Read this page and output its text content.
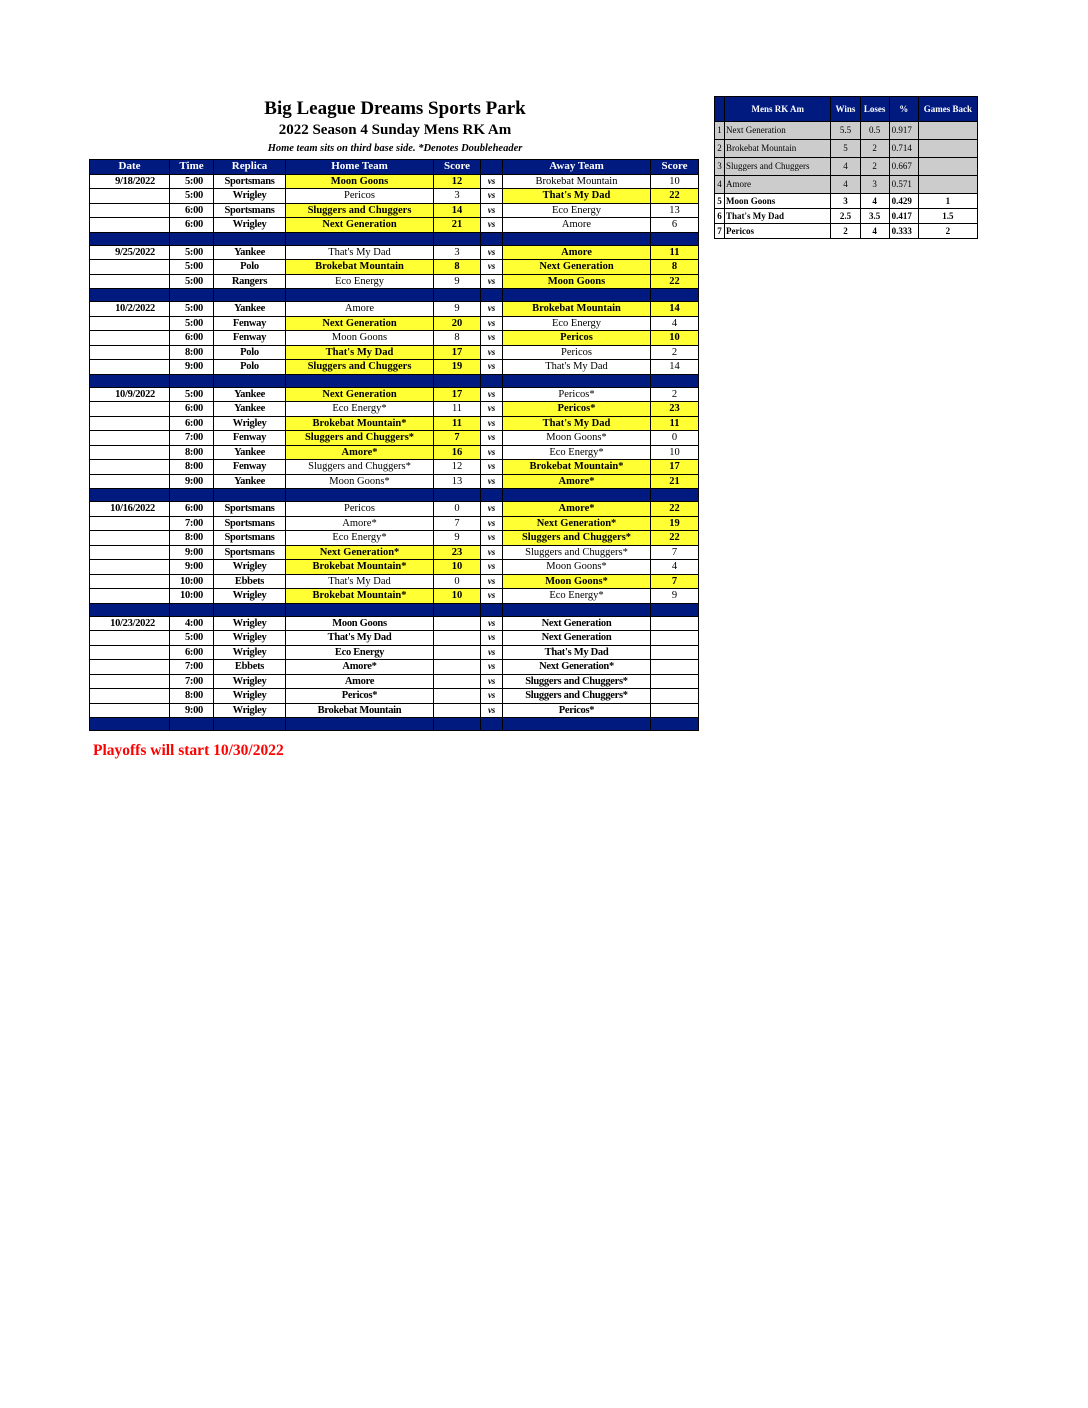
Big League Dreams Sports Park
2022 Season 4 Sunday Mens RK Am
Home team sits on third base side. *Denotes Doubleheader
Date	Time	Replica	Home Team	Score		Away Team	Score
9/18/2022	5:00	Sportsmans	Moon Goons	12	vs	Brokebat Mountain	10
	5:00	Wrigley	Pericos	3	vs	That's My Dad	22
	6:00	Sportsmans	Sluggers and Chuggers	14	vs	Eco Energy	13
	6:00	Wrigley	Next Generation	21	vs	Amore	6

9/25/2022	5:00	Yankee	That's My Dad	3	vs	Amore	11
	5:00	Polo	Brokebat Mountain	8	vs	Next Generation	8
	5:00	Rangers	Eco Energy	9	vs	Moon Goons	22

10/2/2022	5:00	Yankee	Amore	9	vs	Brokebat Mountain	14
	5:00	Fenway	Next Generation	20	vs	Eco Energy	4
	6:00	Fenway	Moon Goons	8	vs	Pericos	10
	8:00	Polo	That's My Dad	17	vs	Pericos	2
	9:00	Polo	Sluggers and Chuggers	19	vs	That's My Dad	14

10/9/2022	5:00	Yankee	Next Generation	17	vs	Pericos*	2
	6:00	Yankee	Eco Energy*	11	vs	Pericos*	23
	6:00	Wrigley	Brokebat Mountain*	11	vs	That's My Dad	11
	7:00	Fenway	Sluggers and Chuggers*	7	vs	Moon Goons*	0
	8:00	Yankee	Amore*	16	vs	Eco Energy*	10
	8:00	Fenway	Sluggers and Chuggers*	12	vs	Brokebat Mountain*	17
	9:00	Yankee	Moon Goons*	13	vs	Amore*	21

10/16/2022	6:00	Sportsmans	Pericos	0	vs	Amore*	22
	7:00	Sportsmans	Amore*	7	vs	Next Generation*	19
	8:00	Sportsmans	Eco Energy*	9	vs	Sluggers and Chuggers*	22
	9:00	Sportsmans	Next Generation*	23	vs	Sluggers and Chuggers*	7
	9:00	Wrigley	Brokebat Mountain*	10	vs	Moon Goons*	4
	10:00	Ebbets	That's My Dad	0	vs	Moon Goons*	7
	10:00	Wrigley	Brokebat Mountain*	10	vs	Eco Energy*	9

10/23/2022	4:00	Wrigley	Moon Goons		vs	Next Generation	
	5:00	Wrigley	That's My Dad		vs	Next Generation	
	6:00	Wrigley	Eco Energy		vs	That's My Dad	
	7:00	Ebbets	Amore*		vs	Next Generation*	
	7:00	Wrigley	Amore		vs	Sluggers and Chuggers*	
	8:00	Wrigley	Pericos*		vs	Sluggers and Chuggers*	
	9:00	Wrigley	Brokebat Mountain		vs	Pericos*	

	Mens RK Am	Wins	Loses	%	Games Back
1	Next Generation	5.5	0.5	0.917	
2	Brokebat Mountain	5	2	0.714	
3	Sluggers and Chuggers	4	2	0.667	
4	Amore	4	3	0.571	
5	Moon Goons	3	4	0.429	1
6	That's My Dad	2.5	3.5	0.417	1.5
7	Pericos	2	4	0.333	2
Playoffs will start 10/30/2022
